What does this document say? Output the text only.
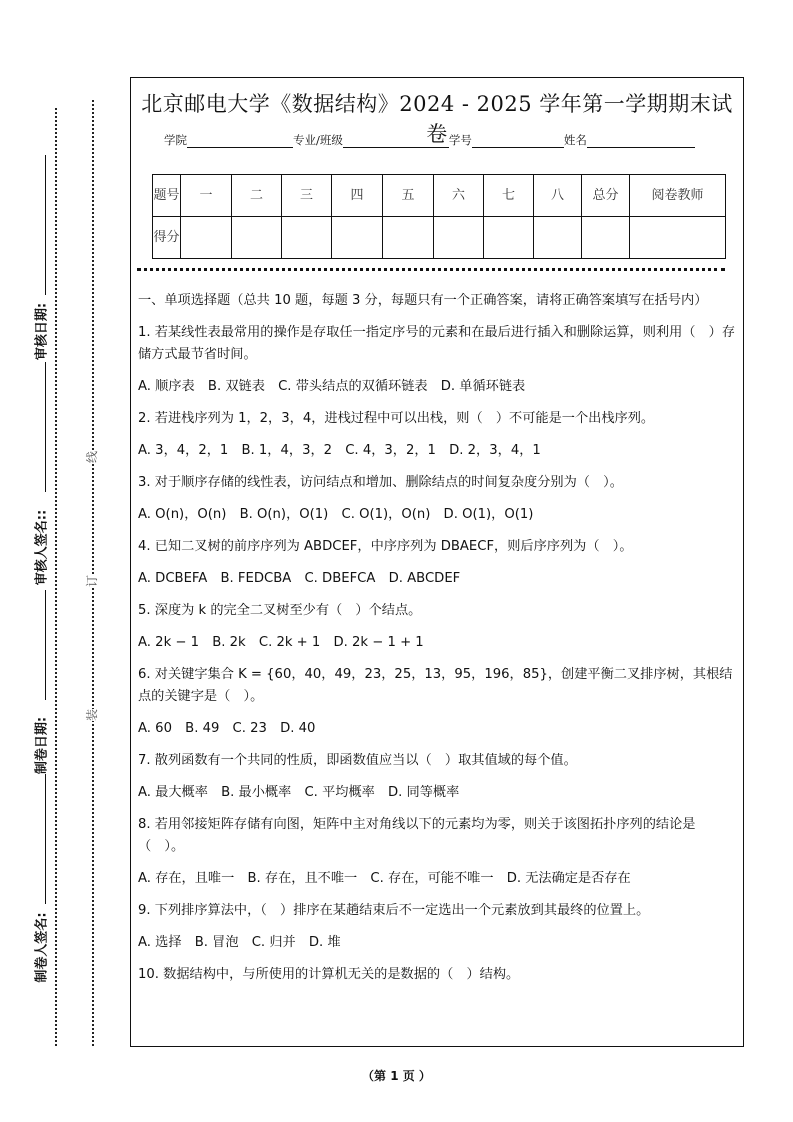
审核日期:
审核人签名::
制卷日期:
制卷人签名:
线
订
装
北京邮电大学《数据结构》2024 - 2025 学年第一学期期末试卷
学院	专业/班级	学号	姓名
题号	一	二	三	四	五	六	七	八	总分	阅卷教师
得分										

一、单项选择题（总共 10 题，每题 3 分，每题只有一个正确答案，请将正确答案填写在括号内）

1. 若某线性表最常用的操作是存取任一指定序号的元素和在最后进行插入和删除运算，则利用（　）存储方式最节省时间。

A. 顺序表　B. 双链表　C. 带头结点的双循环链表　D. 单循环链表

2. 若进栈序列为 1，2，3，4，进栈过程中可以出栈，则（　）不可能是一个出栈序列。

A. 3，4，2，1　B. 1，4，3，2　C. 4，3，2，1　D. 2，3，4，1

3. 对于顺序存储的线性表，访问结点和增加、删除结点的时间复杂度分别为（　）。

A. O(n)，O(n)　B. O(n)，O(1)　C. O(1)，O(n)　D. O(1)，O(1)

4. 已知二叉树的前序序列为 ABDCEF，中序序列为 DBAECF，则后序序列为（　）。

A. DCBEFA　B. FEDCBA　C. DBEFCA　D. ABCDEF

5. 深度为 k 的完全二叉树至少有（　）个结点。

A. 2k − 1　B. 2k　C. 2k + 1　D. 2k − 1 + 1

6. 对关键字集合 K = {60，40，49，23，25，13，95，196，85}，创建平衡二叉排序树，其根结点的关键字是（　）。

A. 60　B. 49　C. 23　D. 40

7. 散列函数有一个共同的性质，即函数值应当以（　）取其值域的每个值。

A. 最大概率　B. 最小概率　C. 平均概率　D. 同等概率

8. 若用邻接矩阵存储有向图，矩阵中主对角线以下的元素均为零，则关于该图拓扑序列的结论是（　）。

A. 存在，且唯一　B. 存在，且不唯一　C. 存在，可能不唯一　D. 无法确定是否存在

9. 下列排序算法中，（　）排序在某趟结束后不一定选出一个元素放到其最终的位置上。

A. 选择　B. 冒泡　C. 归并　D. 堆

10. 数据结构中，与所使用的计算机无关的是数据的（　）结构。

（第 1 页 ）
